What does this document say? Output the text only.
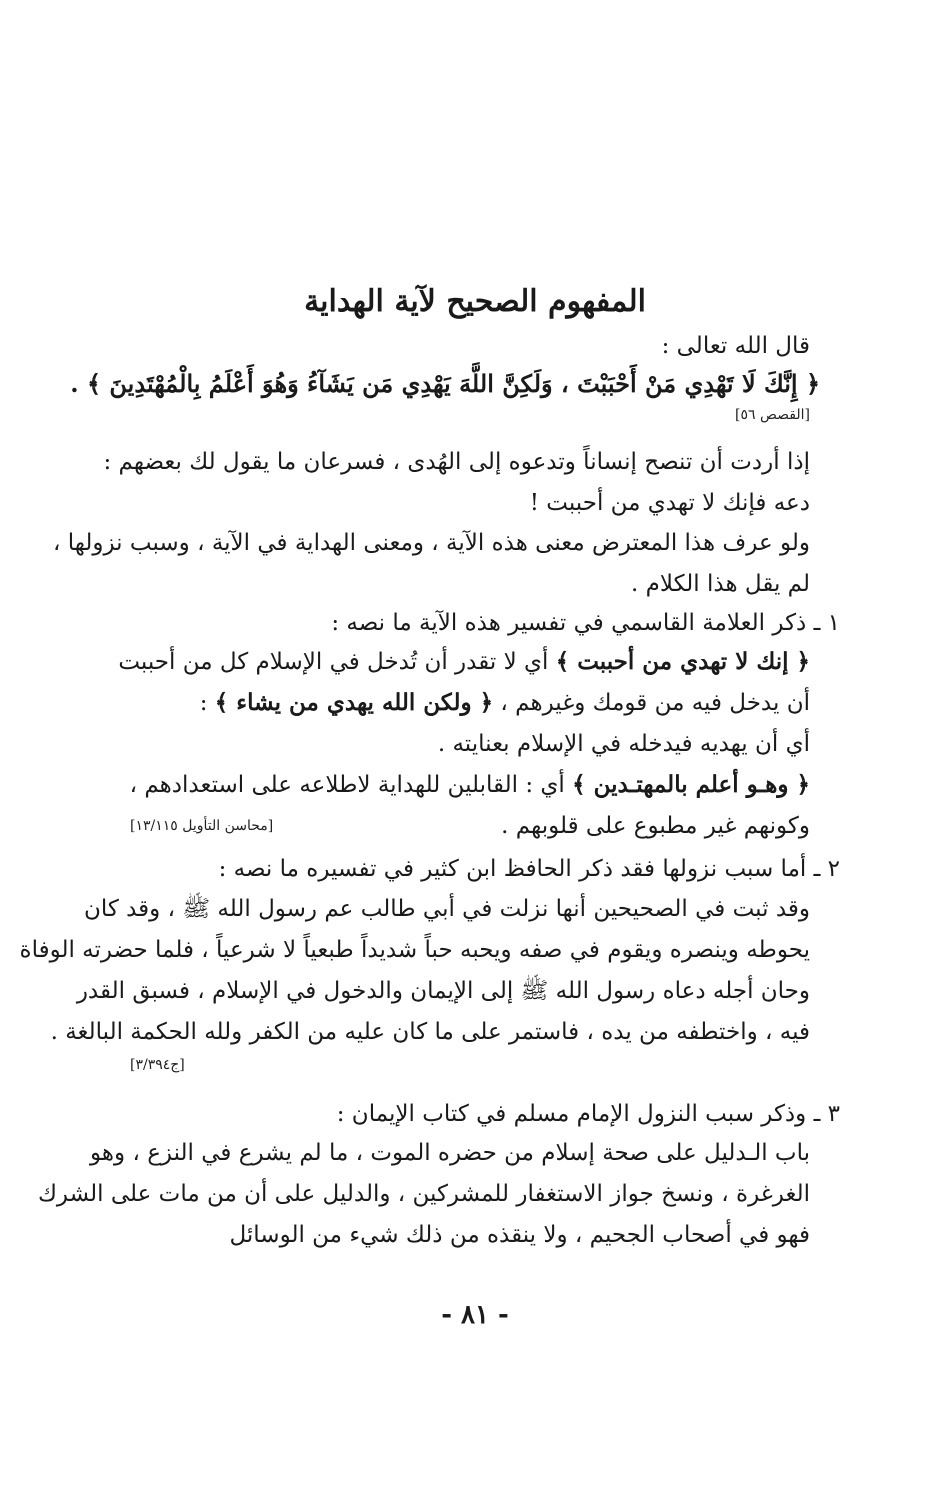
المفهوم الصحيح لآية الهداية
قال الله تعالى :
﴿ إِنَّكَ لَا تَهْدِي مَنْ أَحْبَبْتَ ، وَلَكِنَّ اللَّهَ يَهْدِي مَن يَشَآءُ وَهُوَ أَعْلَمُ بِالْمُهْتَدِينَ ﴾ .
[القصص ٥٦]
إذا أردت أن تنصح إنساناً وتدعوه إلى الهُدى ، فسرعان ما يقول لك بعضهم :
دعه فإنك لا تهدي من أحببت !
ولو عرف هذا المعترض معنى هذه الآية ، ومعنى الهداية في الآية ، وسبب نزولها ،
لم يقل هذا الكلام .
١ ـ ذكر العلامة القاسمي في تفسير هذه الآية ما نصه :
﴿ إنك لا تهدي من أحببت ﴾ أي لا تقدر أن تُدخل في الإسلام كل من أحببت
أن يدخل فيه من قومك وغيرهم ، ﴿ ولكن الله يهدي من يشاء ﴾ :
أي أن يهديه فيدخله في الإسلام بعنايته .
﴿ وهـو أعلم بالمهتـدين ﴾ أي : القابلين للهداية لاطلاعه على استعدادهم ،
وكونهم غير مطبوع على قلوبهم .
[محاسن التأويل ١٣/١١٥]
٢ ـ أما سبب نزولها فقد ذكر الحافظ ابن كثير في تفسيره ما نصه :
وقد ثبت في الصحيحين أنها نزلت في أبي طالب عم رسول الله ﷺ ، وقد كان
يحوطه وينصره ويقوم في صفه ويحبه حباً شديداً طبعياً لا شرعياً ، فلما حضرته الوفاة
وحان أجله دعاه رسول الله ﷺ إلى الإيمان والدخول في الإسلام ، فسبق القدر
فيه ، واختطفه من يده ، فاستمر على ما كان عليه من الكفر ولله الحكمة البالغة .
[ج٣/٣٩٤]
٣ ـ وذكر سبب النزول الإمام مسلم في كتاب الإيمان :
باب الـدليل على صحة إسلام من حضره الموت ، ما لم يشرع في النزع ، وهو
الغرغرة ، ونسخ جواز الاستغفار للمشركين ، والدليل على أن من مات على الشرك
فهو في أصحاب الجحيم ، ولا ينقذه من ذلك شيء من الوسائل
- ٨١ -
